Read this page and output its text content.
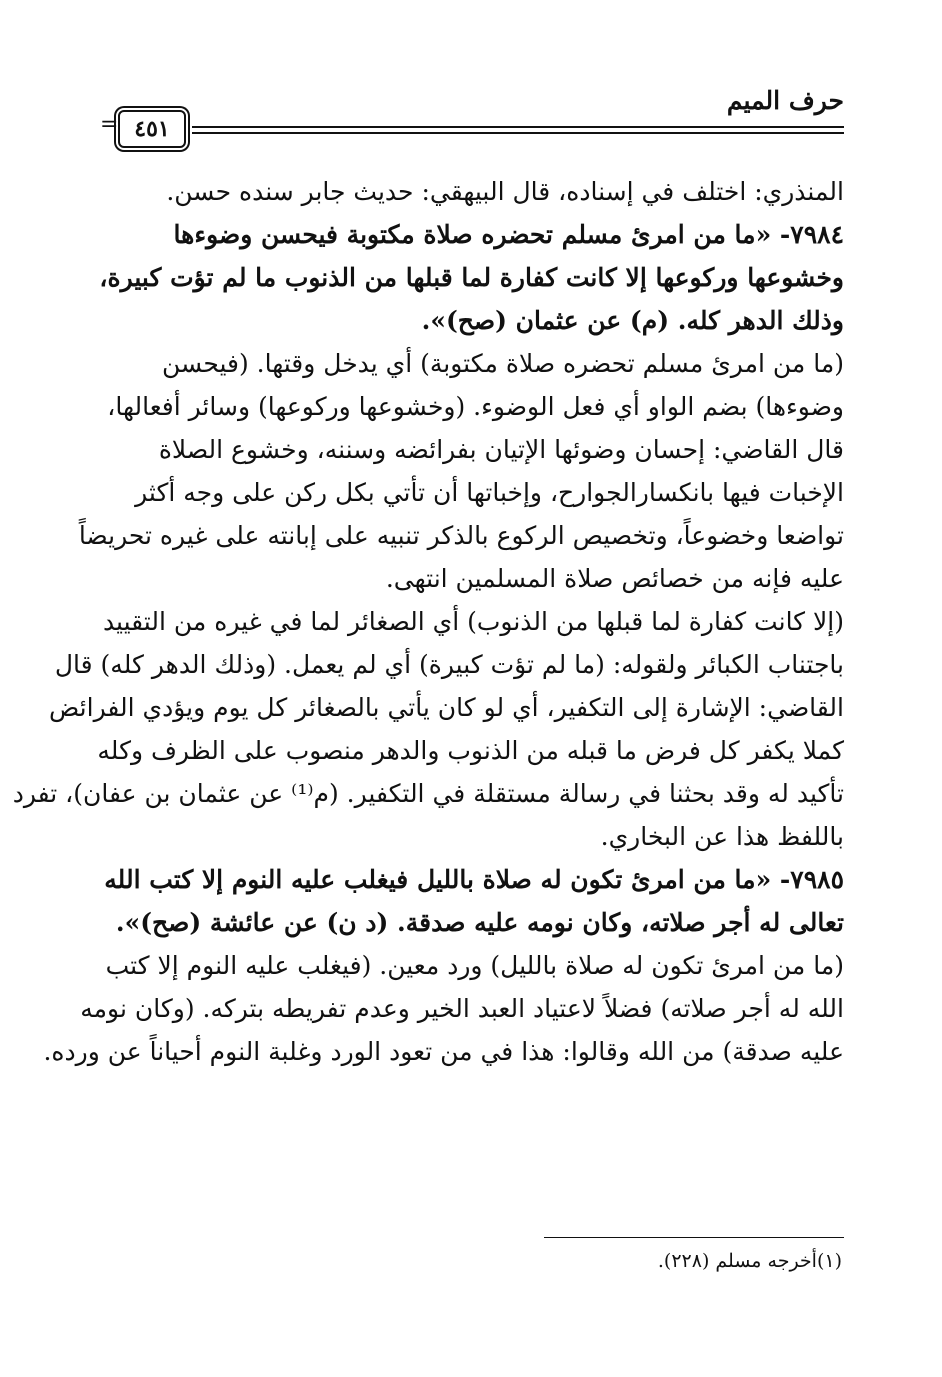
حرف الميم
٤٥١
=
المنذري: اختلف في إسناده، قال البيهقي: حديث جابر سنده حسن.
٧٩٨٤- «ما من امرئ مسلم تحضره صلاة مكتوبة فيحسن وضوءها
وخشوعها وركوعها إلا كانت كفارة لما قبلها من الذنوب ما لم تؤت كبيرة،
وذلك الدهر كله. (م) عن عثمان (صح)».
(ما من امرئ مسلم تحضره صلاة مكتوبة) أي يدخل وقتها. (فيحسن
وضوءها) بضم الواو أي فعل الوضوء. (وخشوعها وركوعها) وسائر أفعالها،
قال القاضي: إحسان وضوئها الإتيان بفرائضه وسننه، وخشوع الصلاة
الإخبات فيها بانكسارالجوارح، وإخباتها أن تأتي بكل ركن على وجه أكثر
تواضعا وخضوعاً، وتخصيص الركوع بالذكر تنبيه على إبانته على غيره تحريضاً
عليه فإنه من خصائص صلاة المسلمين انتهى.
(إلا كانت كفارة لما قبلها من الذنوب) أي الصغائر لما في غيره من التقييد
باجتناب الكبائر ولقوله: (ما لم تؤت كبيرة) أي لم يعمل. (وذلك الدهر كله) قال
القاضي: الإشارة إلى التكفير، أي لو كان يأتي بالصغائر كل يوم ويؤدي الفرائض
كملا يكفر كل فرض ما قبله من الذنوب والدهر منصوب على الظرف وكله
تأكيد له وقد بحثنا في رسالة مستقلة في التكفير. (م⁽¹⁾ عن عثمان بن عفان)، تفرد
باللفظ هذا عن البخاري.
٧٩٨٥- «ما من امرئ تكون له صلاة بالليل فيغلب عليه النوم إلا كتب الله
تعالى له أجر صلاته، وكان نومه عليه صدقة. (د ن) عن عائشة (صح)».
(ما من امرئ تكون له صلاة بالليل) ورد معين. (فيغلب عليه النوم إلا كتب
الله له أجر صلاته) فضلاً لاعتياد العبد الخير وعدم تفريطه بتركه. (وكان نومه
عليه صدقة) من الله وقالوا: هذا في من تعود الورد وغلبة النوم أحياناً عن ورده.
(١)أخرجه مسلم (٢٢٨).
